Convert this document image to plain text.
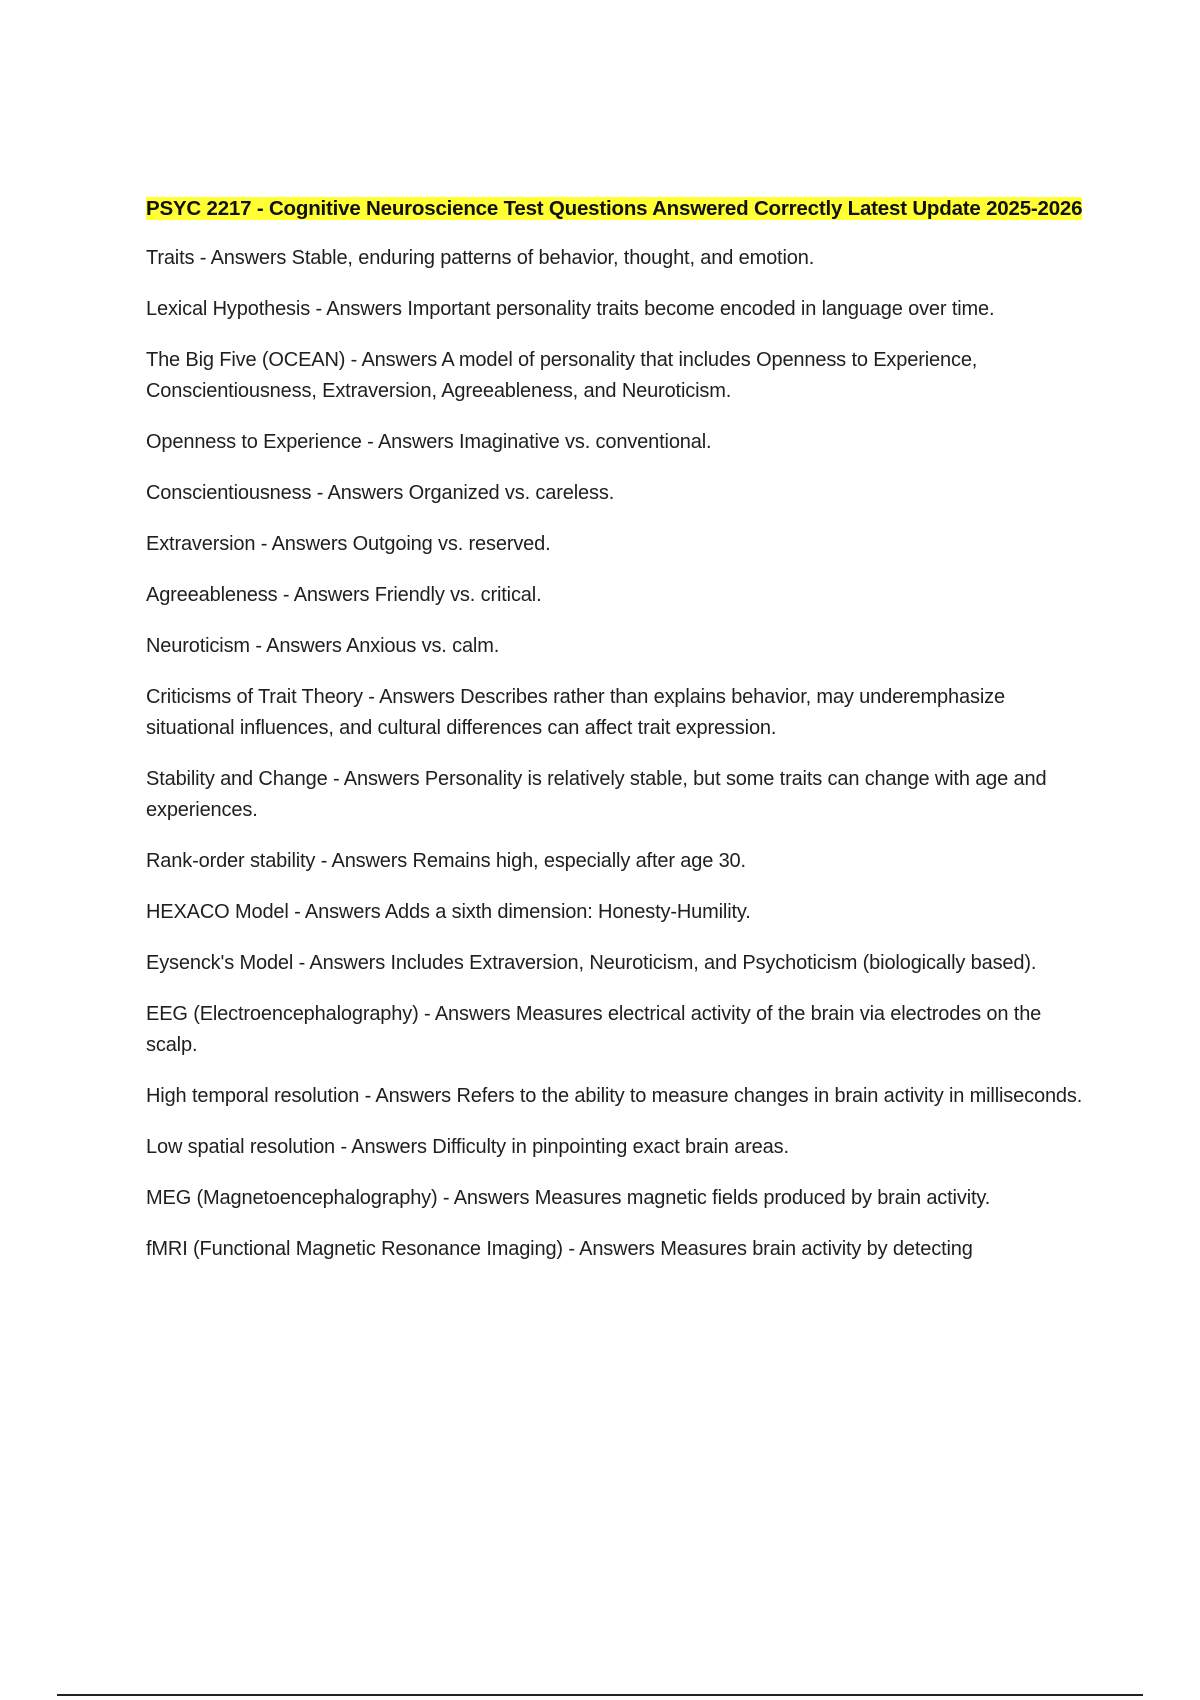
PSYC 2217 - Cognitive Neuroscience Test Questions Answered Correctly Latest Update 2025-2026
Traits - Answers Stable, enduring patterns of behavior, thought, and emotion.
Lexical Hypothesis - Answers Important personality traits become encoded in language over time.
The Big Five (OCEAN) - Answers A model of personality that includes Openness to Experience, Conscientiousness, Extraversion, Agreeableness, and Neuroticism.
Openness to Experience - Answers Imaginative vs. conventional.
Conscientiousness - Answers Organized vs. careless.
Extraversion - Answers Outgoing vs. reserved.
Agreeableness - Answers Friendly vs. critical.
Neuroticism - Answers Anxious vs. calm.
Criticisms of Trait Theory - Answers Describes rather than explains behavior, may underemphasize situational influences, and cultural differences can affect trait expression.
Stability and Change - Answers Personality is relatively stable, but some traits can change with age and experiences.
Rank-order stability - Answers Remains high, especially after age 30.
HEXACO Model - Answers Adds a sixth dimension: Honesty-Humility.
Eysenck's Model - Answers Includes Extraversion, Neuroticism, and Psychoticism (biologically based).
EEG (Electroencephalography) - Answers Measures electrical activity of the brain via electrodes on the scalp.
High temporal resolution - Answers Refers to the ability to measure changes in brain activity in milliseconds.
Low spatial resolution - Answers Difficulty in pinpointing exact brain areas.
MEG (Magnetoencephalography) - Answers Measures magnetic fields produced by brain activity.
fMRI (Functional Magnetic Resonance Imaging) - Answers Measures brain activity by detecting
